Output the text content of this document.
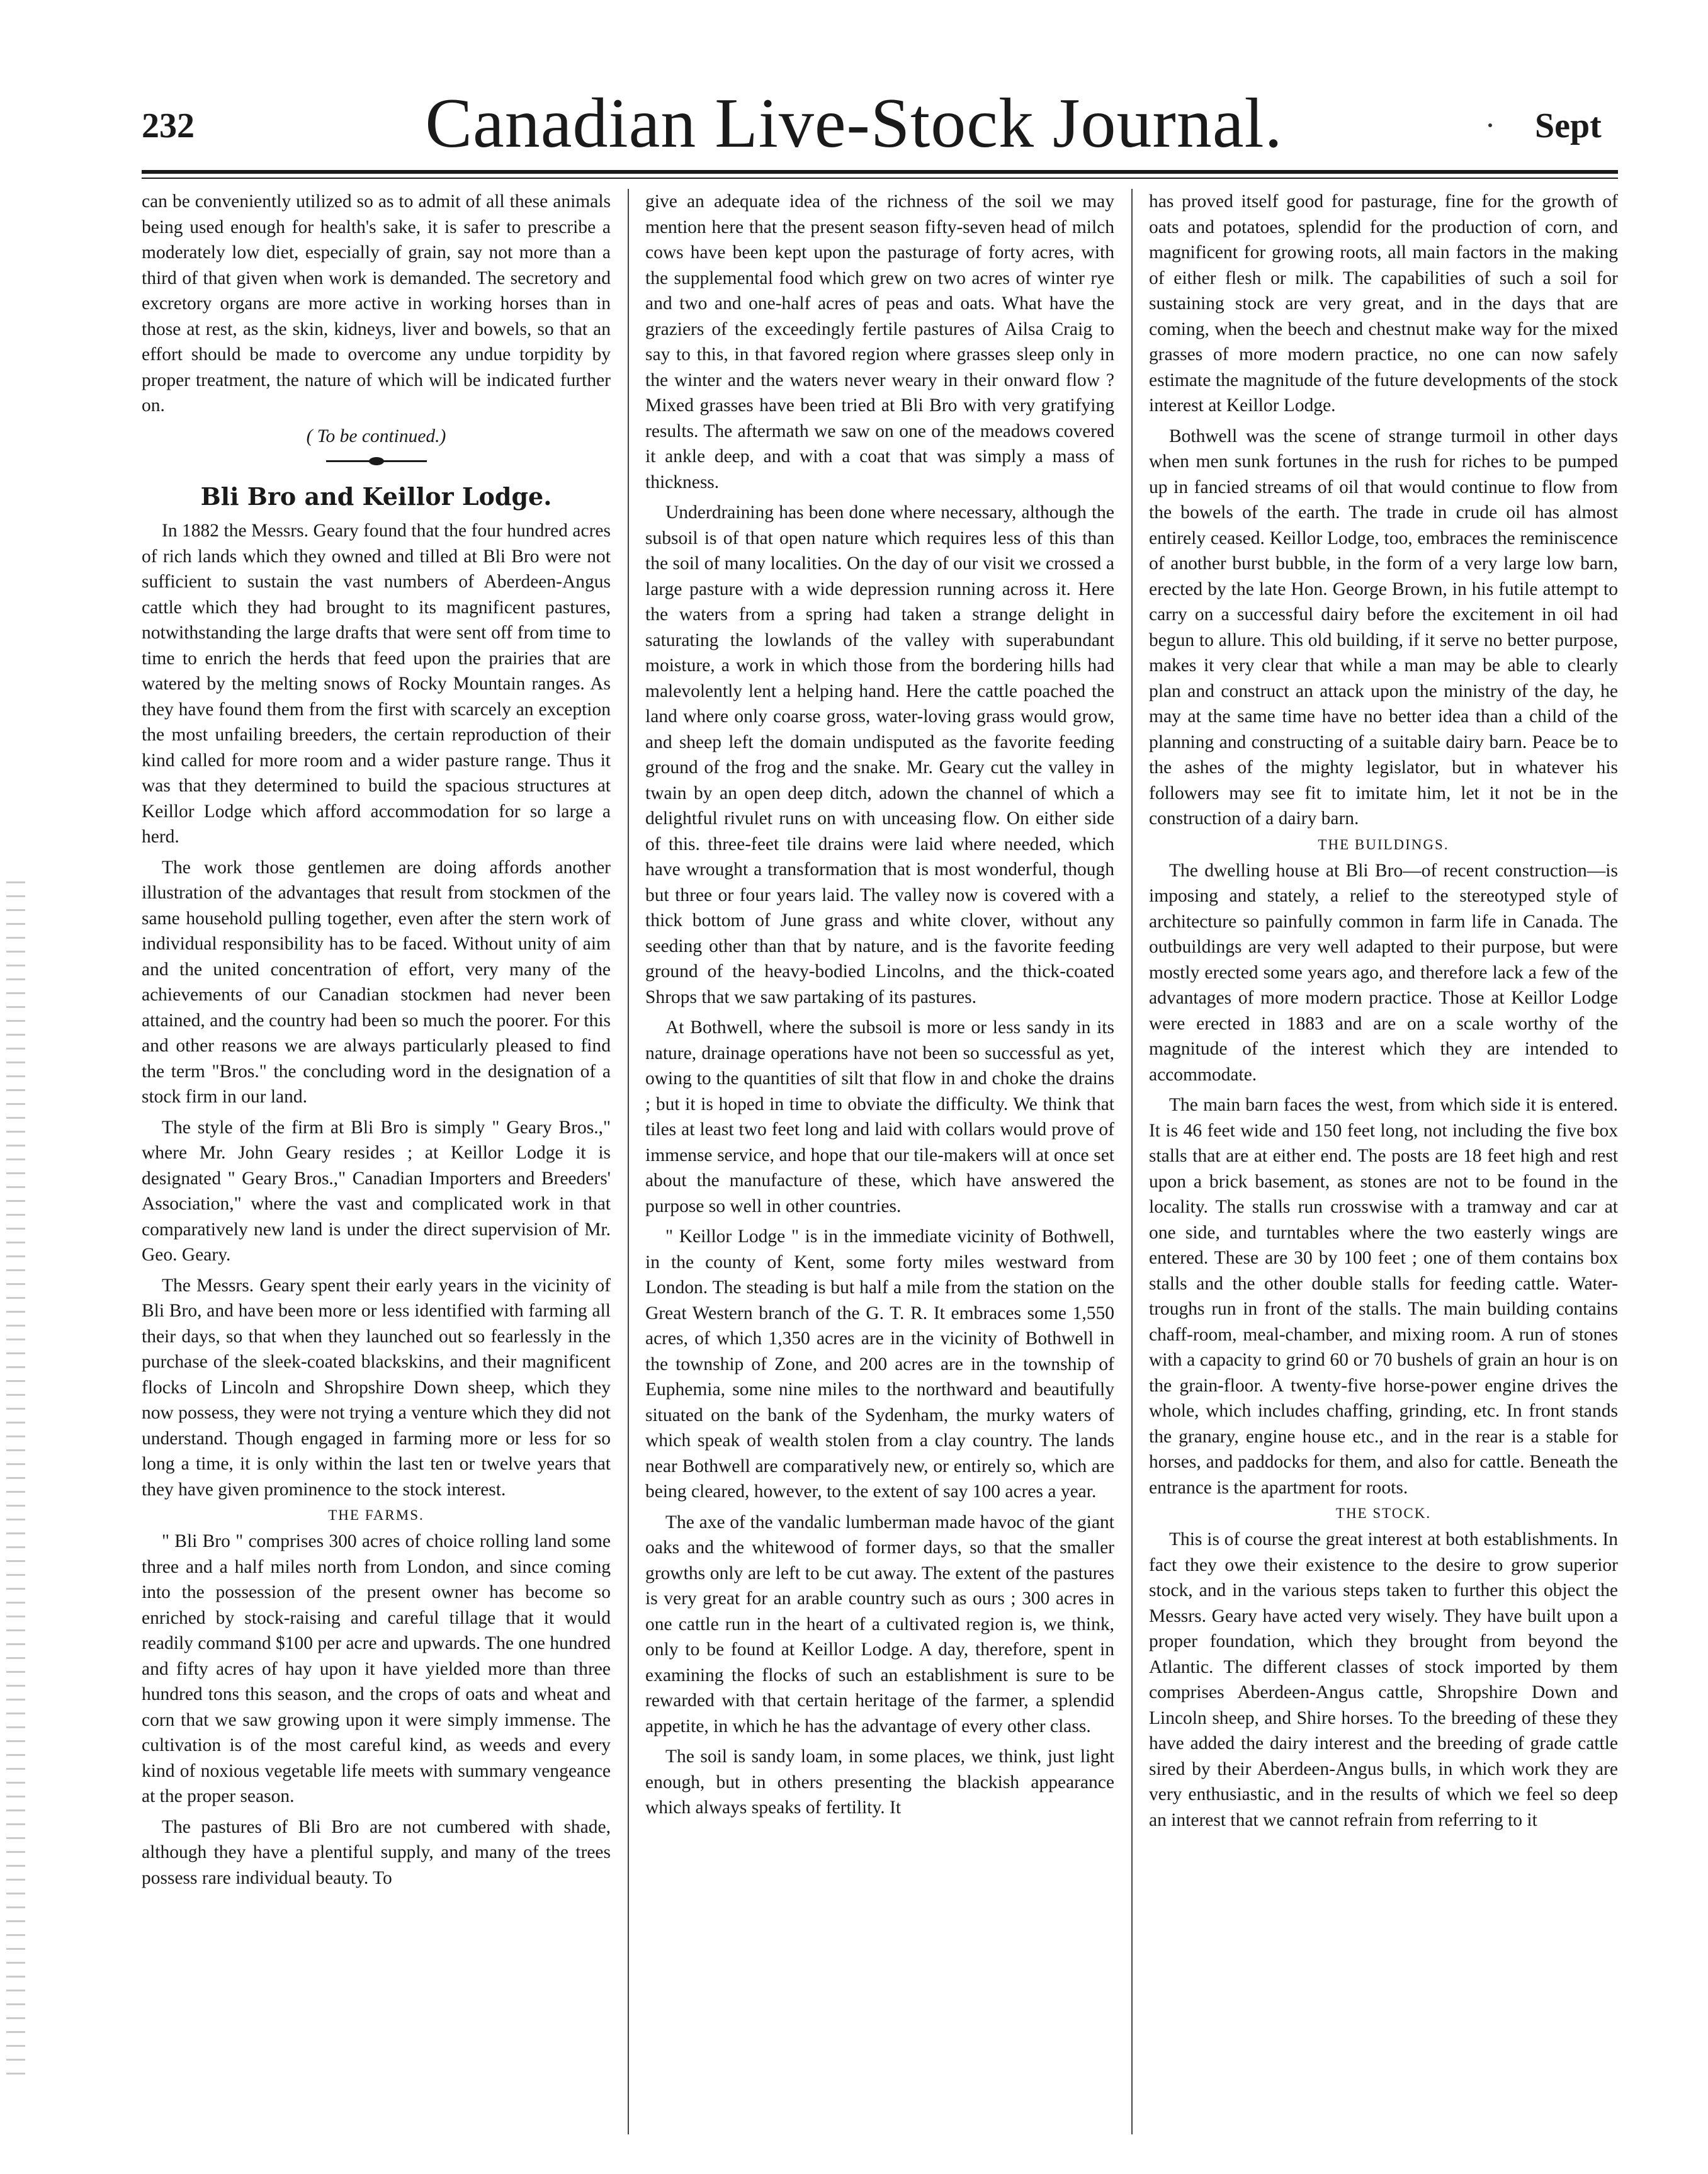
232	Canadian Live-Stock Journal.	Sept

can be conveniently utilized so as to admit of all these animals being used enough for health's sake, it is safer to prescribe a moderately low diet, especially of grain, say not more than a third of that given when work is demanded. The secretory and excretory organs are more active in working horses than in those at rest, as the skin, kidneys, liver and bowels, so that an effort should be made to overcome any undue torpidity by proper treatment, the nature of which will be indicated further on.

( To be continued.)

Bli Bro and Keillor Lodge.

In 1882 the Messrs. Geary found that the four hundred acres of rich lands which they owned and tilled at Bli Bro were not sufficient to sustain the vast numbers of Aberdeen-Angus cattle which they had brought to its magnificent pastures, notwithstanding the large drafts that were sent off from time to time to enrich the herds that feed upon the prairies that are watered by the melting snows of Rocky Mountain ranges. As they have found them from the first with scarcely an exception the most unfailing breeders, the certain reproduction of their kind called for more room and a wider pasture range. Thus it was that they determined to build the spacious structures at Keillor Lodge which afford accommodation for so large a herd.

The work those gentlemen are doing affords another illustration of the advantages that result from stockmen of the same household pulling together, even after the stern work of individual responsibility has to be faced. Without unity of aim and the united concentration of effort, very many of the achievements of our Canadian stockmen had never been attained, and the country had been so much the poorer. For this and other reasons we are always particularly pleased to find the term "Bros." the concluding word in the designation of a stock firm in our land.

The style of the firm at Bli Bro is simply " Geary Bros.," where Mr. John Geary resides ; at Keillor Lodge it is designated " Geary Bros.," Canadian Importers and Breeders' Association," where the vast and complicated work in that comparatively new land is under the direct supervision of Mr. Geo. Geary.

The Messrs. Geary spent their early years in the vicinity of Bli Bro, and have been more or less identified with farming all their days, so that when they launched out so fearlessly in the purchase of the sleek-coated blackskins, and their magnificent flocks of Lincoln and Shropshire Down sheep, which they now possess, they were not trying a venture which they did not understand. Though engaged in farming more or less for so long a time, it is only within the last ten or twelve years that they have given prominence to the stock interest.

THE FARMS.

" Bli Bro " comprises 300 acres of choice rolling land some three and a half miles north from London, and since coming into the possession of the present owner has become so enriched by stock-raising and careful tillage that it would readily command $100 per acre and upwards. The one hundred and fifty acres of hay upon it have yielded more than three hundred tons this season, and the crops of oats and wheat and corn that we saw growing upon it were simply immense. The cultivation is of the most careful kind, as weeds and every kind of noxious vegetable life meets with summary vengeance at the proper season.

The pastures of Bli Bro are not cumbered with shade, although they have a plentiful supply, and many of the trees possess rare individual beauty. To

give an adequate idea of the richness of the soil we may mention here that the present season fifty-seven head of milch cows have been kept upon the pasturage of forty acres, with the supplemental food which grew on two acres of winter rye and two and one-half acres of peas and oats. What have the graziers of the exceedingly fertile pastures of Ailsa Craig to say to this, in that favored region where grasses sleep only in the winter and the waters never weary in their onward flow ? Mixed grasses have been tried at Bli Bro with very gratifying results. The aftermath we saw on one of the meadows covered it ankle deep, and with a coat that was simply a mass of thickness.

Underdraining has been done where necessary, although the subsoil is of that open nature which requires less of this than the soil of many localities. On the day of our visit we crossed a large pasture with a wide depression running across it. Here the waters from a spring had taken a strange delight in saturating the lowlands of the valley with superabundant moisture, a work in which those from the bordering hills had malevolently lent a helping hand. Here the cattle poached the land where only coarse gross, water-loving grass would grow, and sheep left the domain undisputed as the favorite feeding ground of the frog and the snake. Mr. Geary cut the valley in twain by an open deep ditch, adown the channel of which a delightful rivulet runs on with unceasing flow. On either side of this. three-feet tile drains were laid where needed, which have wrought a transformation that is most wonderful, though but three or four years laid. The valley now is covered with a thick bottom of June grass and white clover, without any seeding other than that by nature, and is the favorite feeding ground of the heavy-bodied Lincolns, and the thick-coated Shrops that we saw partaking of its pastures.

At Bothwell, where the subsoil is more or less sandy in its nature, drainage operations have not been so successful as yet, owing to the quantities of silt that flow in and choke the drains ; but it is hoped in time to obviate the difficulty. We think that tiles at least two feet long and laid with collars would prove of immense service, and hope that our tile-makers will at once set about the manufacture of these, which have answered the purpose so well in other countries.

" Keillor Lodge " is in the immediate vicinity of Bothwell, in the county of Kent, some forty miles westward from London. The steading is but half a mile from the station on the Great Western branch of the G. T. R. It embraces some 1,550 acres, of which 1,350 acres are in the vicinity of Bothwell in the township of Zone, and 200 acres are in the township of Euphemia, some nine miles to the northward and beautifully situated on the bank of the Sydenham, the murky waters of which speak of wealth stolen from a clay country. The lands near Bothwell are comparatively new, or entirely so, which are being cleared, however, to the extent of say 100 acres a year.

The axe of the vandalic lumberman made havoc of the giant oaks and the whitewood of former days, so that the smaller growths only are left to be cut away. The extent of the pastures is very great for an arable country such as ours ; 300 acres in one cattle run in the heart of a cultivated region is, we think, only to be found at Keillor Lodge. A day, therefore, spent in examining the flocks of such an establishment is sure to be rewarded with that certain heritage of the farmer, a splendid appetite, in which he has the advantage of every other class.

The soil is sandy loam, in some places, we think, just light enough, but in others presenting the blackish appearance which always speaks of fertility. It

has proved itself good for pasturage, fine for the growth of oats and potatoes, splendid for the production of corn, and magnificent for growing roots, all main factors in the making of either flesh or milk. The capabilities of such a soil for sustaining stock are very great, and in the days that are coming, when the beech and chestnut make way for the mixed grasses of more modern practice, no one can now safely estimate the magnitude of the future developments of the stock interest at Keillor Lodge.

Bothwell was the scene of strange turmoil in other days when men sunk fortunes in the rush for riches to be pumped up in fancied streams of oil that would continue to flow from the bowels of the earth. The trade in crude oil has almost entirely ceased. Keillor Lodge, too, embraces the reminiscence of another burst bubble, in the form of a very large low barn, erected by the late Hon. George Brown, in his futile attempt to carry on a successful dairy before the excitement in oil had begun to allure. This old building, if it serve no better purpose, makes it very clear that while a man may be able to clearly plan and construct an attack upon the ministry of the day, he may at the same time have no better idea than a child of the planning and constructing of a suitable dairy barn. Peace be to the ashes of the mighty legislator, but in whatever his followers may see fit to imitate him, let it not be in the construction of a dairy barn.

THE BUILDINGS.

The dwelling house at Bli Bro—of recent construction—is imposing and stately, a relief to the stereotyped style of architecture so painfully common in farm life in Canada. The outbuildings are very well adapted to their purpose, but were mostly erected some years ago, and therefore lack a few of the advantages of more modern practice. Those at Keillor Lodge were erected in 1883 and are on a scale worthy of the magnitude of the interest which they are intended to accommodate.

The main barn faces the west, from which side it is entered. It is 46 feet wide and 150 feet long, not including the five box stalls that are at either end. The posts are 18 feet high and rest upon a brick basement, as stones are not to be found in the locality. The stalls run crosswise with a tramway and car at one side, and turntables where the two easterly wings are entered. These are 30 by 100 feet ; one of them contains box stalls and the other double stalls for feeding cattle. Water-troughs run in front of the stalls. The main building contains chaff-room, meal-chamber, and mixing room. A run of stones with a capacity to grind 60 or 70 bushels of grain an hour is on the grain-floor. A twenty-five horse-power engine drives the whole, which includes chaffing, grinding, etc. In front stands the granary, engine house etc., and in the rear is a stable for horses, and paddocks for them, and also for cattle. Beneath the entrance is the apartment for roots.

THE STOCK.

This is of course the great interest at both establishments. In fact they owe their existence to the desire to grow superior stock, and in the various steps taken to further this object the Messrs. Geary have acted very wisely. They have built upon a proper foundation, which they brought from beyond the Atlantic. The different classes of stock imported by them comprises Aberdeen-Angus cattle, Shropshire Down and Lincoln sheep, and Shire horses. To the breeding of these they have added the dairy interest and the breeding of grade cattle sired by their Aberdeen-Angus bulls, in which work they are very enthusiastic, and in the results of which we feel so deep an interest that we cannot refrain from referring to it
